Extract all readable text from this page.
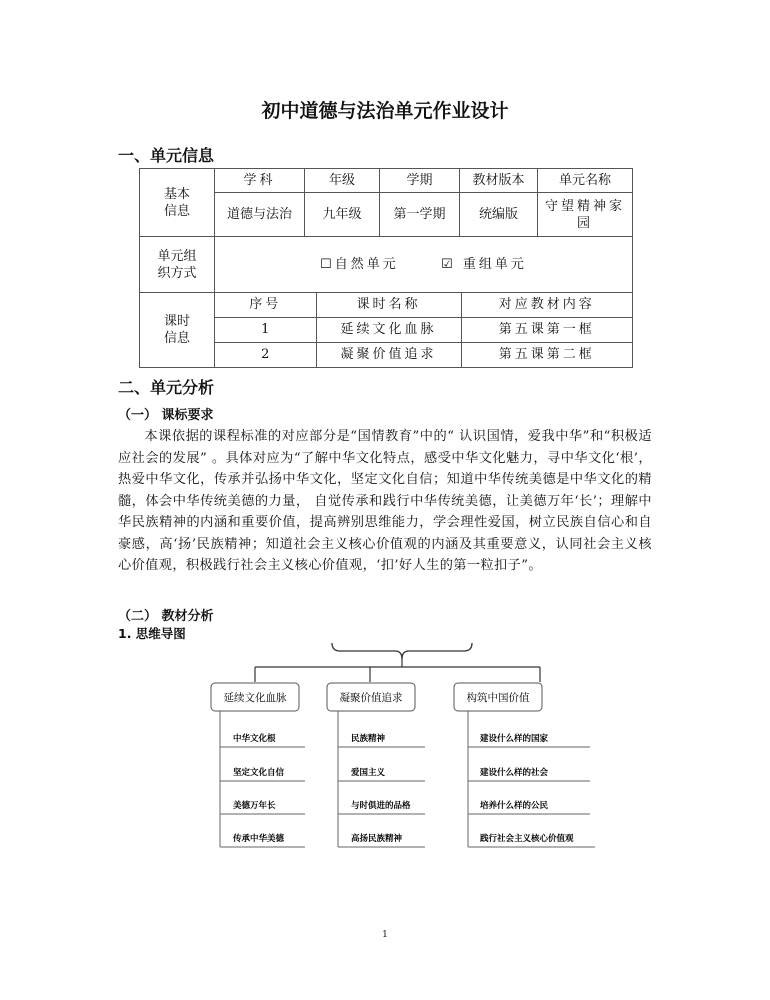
初中道德与法治单元作业设计
一、单元信息
基本
信息	学科	年级	学期	教材版本	单元名称
道德与法治	九年级	第一学期	统编版	守望精神家园
单元组
织方式	☐自然单元	☑ 重组单元
课时
信息	
序号	课时名称	对应教材内容
1	延续文化血脉	第五课第一框
2	凝聚价值追求	第五课第二框
二、单元分析
（一） 课标要求

本课依据的课程标准的对应部分是“国情教育”中的“ 认识国情，爱我中华”和“积极适应社会的发展” 。具体对应为“了解中华文化特点，感受中华文化魅力，寻中华文化‘根’，热爱中华文化，传承并弘扬中华文化，坚定文化自信；知道中华传统美德是中华文化的精髓，体会中华传统美德的力量， 自觉传承和践行中华传统美德，让美德万年‘长’；理解中华民族精神的内涵和重要价值，提高辨别思维能力，学会理性爱国，树立民族自信心和自豪感，高‘扬’民族精神；知道社会主义核心价值观的内涵及其重要意义，认同社会主义核心价值观，积极践行社会主义核心价值观，‘扣’好人生的第一粒扣子”。

（二） 教材分析
1. 思维导图
延续文化血脉
中华文化根
坚定文化自信
美德万年长
传承中华美德
凝聚价值追求
民族精神
爱国主义
与时俱进的品格
高扬民族精神
构筑中国价值
建设什么样的国家
建设什么样的社会
培养什么样的公民
践行社会主义核心价值观
1
